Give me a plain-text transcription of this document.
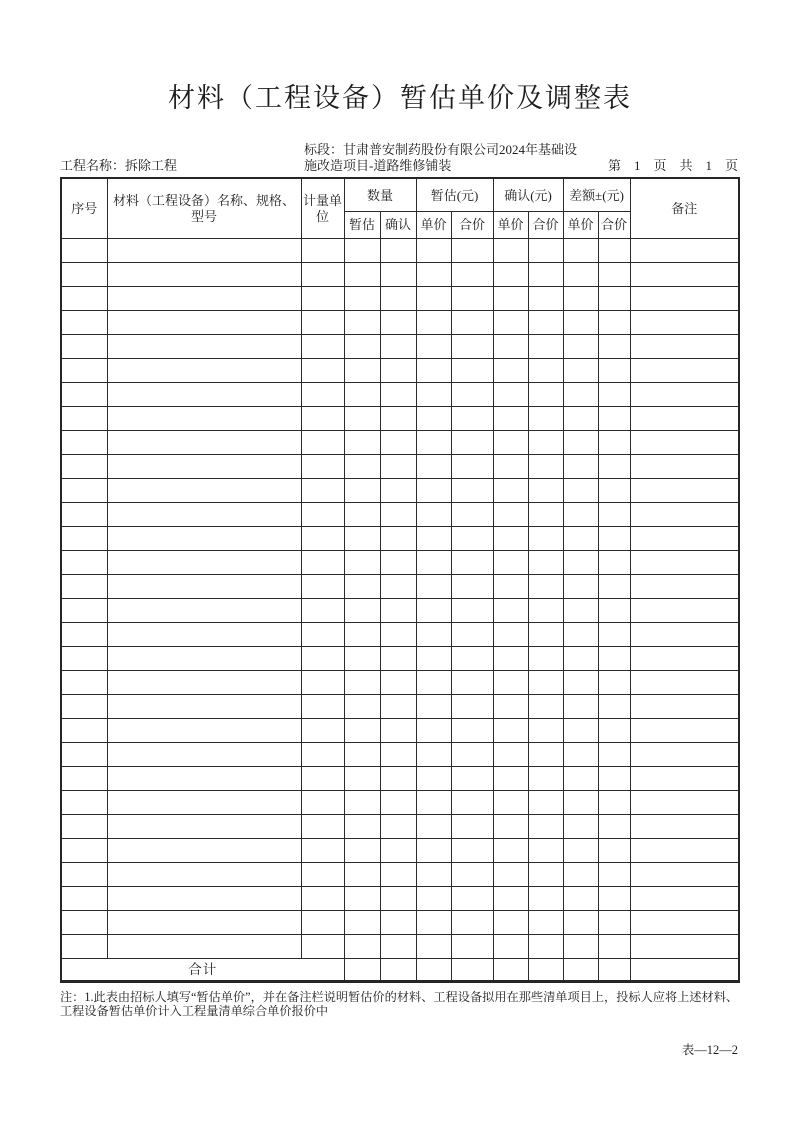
材料（工程设备）暂估单价及调整表
工程名称：拆除工程
标段：甘肃普安制药股份有限公司2024年基础设
施改造项目-道路维修铺装	第 1 页 共 1 页
序号	材料（工程设备）名称、规格、型号	计量单位	数量		暂估(元)		确认(元)		差额±(元)		备注
			暂估	确认	单价	合价	单价	合价	单价	合价	

合计											
注：1.此表由招标人填写“暂估单价”，并在备注栏说明暂估价的材料、工程设备拟用在那些清单项目上，投标人应将上述材料、工程设备暂估单价计入工程量清单综合单价报价中
表—12—2
